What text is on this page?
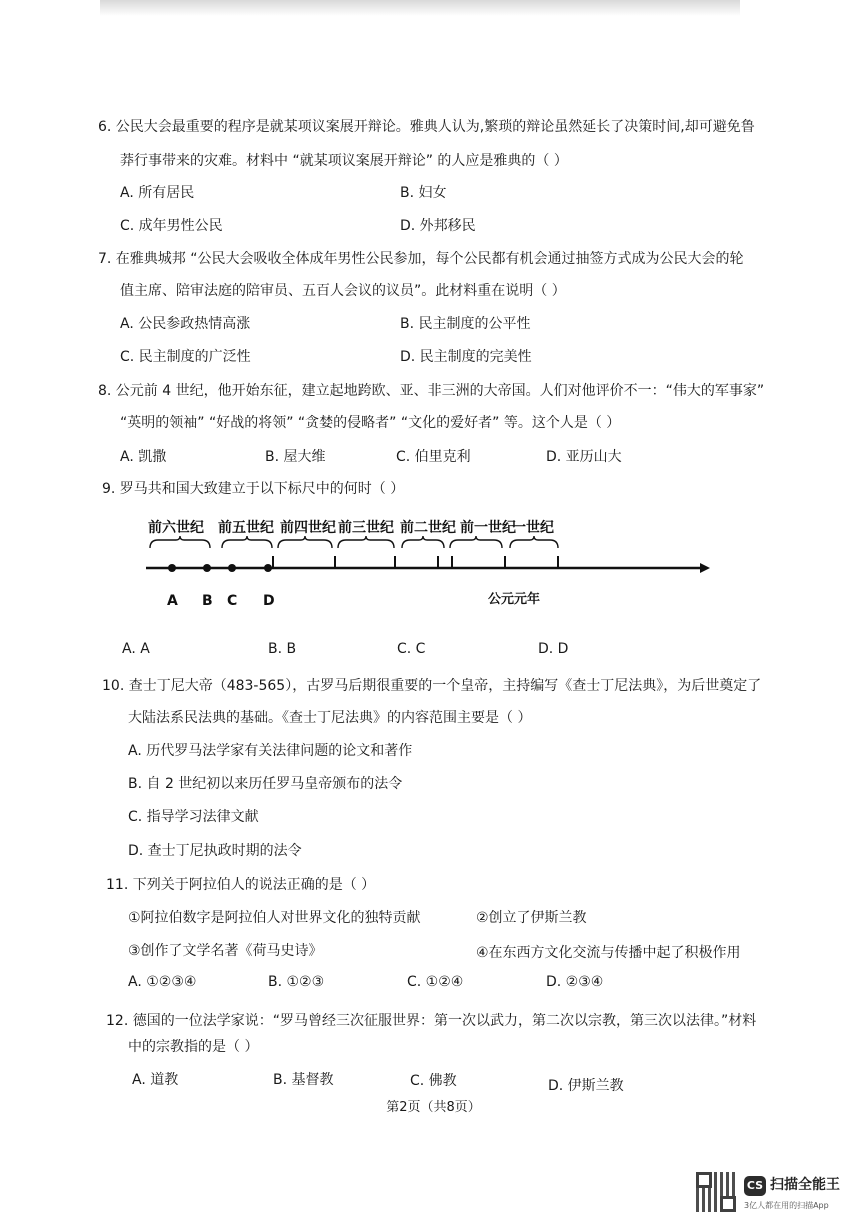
6. 公民大会最重要的程序是就某项议案展开辩论。雅典人认为,繁琐的辩论虽然延长了决策时间,却可避免鲁
莽行事带来的灾难。材料中 “就某项议案展开辩论” 的人应是雅典的（ ）
A. 所有居民	B. 妇女
C. 成年男性公民	D. 外邦移民
7. 在雅典城邦 “公民大会吸收全体成年男性公民参加，每个公民都有机会通过抽签方式成为公民大会的轮
值主席、陪审法庭的陪审员、五百人会议的议员”。此材料重在说明（ ）
A. 公民参政热情高涨	B. 民主制度的公平性
C. 民主制度的广泛性	D. 民主制度的完美性
8. 公元前 4 世纪，他开始东征，建立起地跨欧、亚、非三洲的大帝国。人们对他评价不一：“伟大的军事家”
“英明的领袖” “好战的将领” “贪婪的侵略者” “文化的爱好者” 等。这个人是（ ）
A. 凯撒	B. 屋大维	C. 伯里克利	D. 亚历山大
9. 罗马共和国大致建立于以下标尺中的何时（ ）
前六世纪 前五世纪 前四世纪 前三世纪 前二世纪 前一世纪
一世纪
A B C D	公元元年
A. A	B. B	C. C	D. D
10. 查士丁尼大帝（483-565），古罗马后期很重要的一个皇帝，主持编写《查士丁尼法典》，为后世奠定了
大陆法系民法典的基础。《查士丁尼法典》的内容范围主要是（ ）
A. 历代罗马法学家有关法律问题的论文和著作
B. 自 2 世纪初以来历任罗马皇帝颁布的法令
C. 指导学习法律文献
D. 查士丁尼执政时期的法令
11. 下列关于阿拉伯人的说法正确的是（ ）
①阿拉伯数字是阿拉伯人对世界文化的独特贡献	②创立了伊斯兰教
③创作了文学名著《荷马史诗》	④在东西方文化交流与传播中起了积极作用
A. ①②③④	B. ①②③	C. ①②④	D. ②③④
12. 德国的一位法学家说：“罗马曾经三次征服世界：第一次以武力，第二次以宗教，第三次以法律。”材料
中的宗教指的是（ ）
A. 道教	B. 基督教	C. 佛教	D. 伊斯兰教
第2页（共8页）
CS 扫描全能王
3亿人都在用的扫描App
